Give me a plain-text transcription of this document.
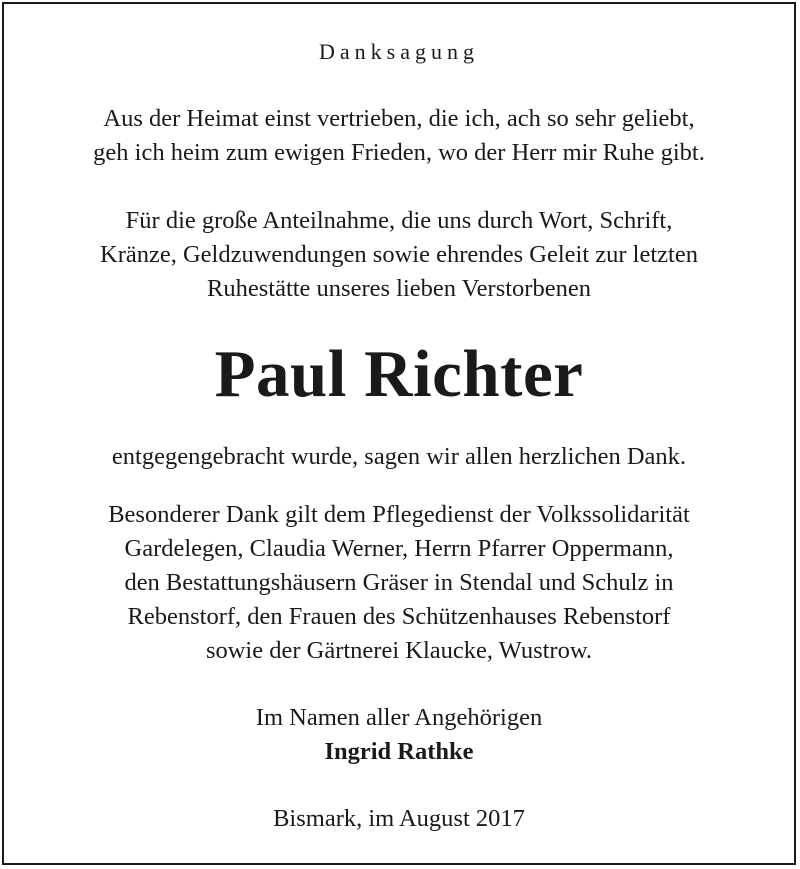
Danksagung
Aus der Heimat einst vertrieben, die ich, ach so sehr geliebt,
geh ich heim zum ewigen Frieden, wo der Herr mir Ruhe gibt.
Für die große Anteilnahme, die uns durch Wort, Schrift,
Kränze, Geldzuwendungen sowie ehrendes Geleit zur letzten
Ruhestätte unseres lieben Verstorbenen
Paul Richter
entgegengebracht wurde, sagen wir allen herzlichen Dank.
Besonderer Dank gilt dem Pflegedienst der Volkssolidarität
Gardelegen, Claudia Werner, Herrn Pfarrer Oppermann,
den Bestattungshäusern Gräser in Stendal und Schulz in
Rebenstorf, den Frauen des Schützenhauses Rebenstorf
sowie der Gärtnerei Klaucke, Wustrow.
Im Namen aller Angehörigen
Ingrid Rathke
Bismark, im August 2017
